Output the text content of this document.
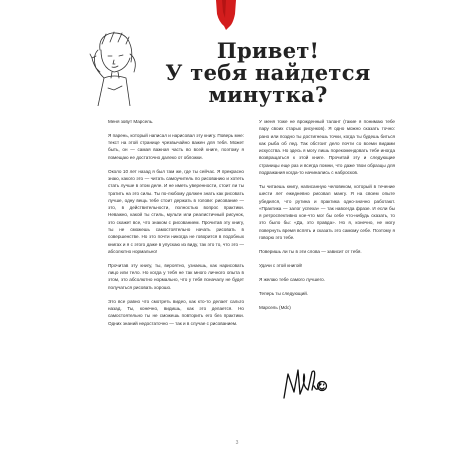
Привет!
У тебя найдется
минутка?

Меня зовут Марсель.

Я парень, который написал и нарисовал эту книгу. Поверь мне: текст на этой странице чрезвычайно важен для тебя. Может быть, он — самая важная часть во всей книге, поэтому я помещаю ее достаточно далеко от обложки.

Около 10 лет назад я был там же, где ты сейчас. Я прекрасно знаю, какого это — читать самоучитель по рисованию и хотеть стать лучше в этом деле. И не иметь уверенности, стоит ли ты тратить на это силы. Ты по-любому должен знать как рисовать лучше, одну вещь тебе стоит держать в голове: рисование — это, в действительности, полностью вопрос практики. Неважно, какой ты стиль, мульти или реалистичный рисунок, это скажет все, что знаком с рисованием. Прочитав эту книгу, ты не сможешь самостоятельно начать рисовать в совершенстве. Но это почти никогда не говорится в подобных книгах и я с этого даже в упускаю из виду, так это то, что это — абсолютно нормально!

Прочитав эту книгу, ты, вероятно, узнаешь, как нарисовать лицо или тело. Но когда у тебя не так много личного опыта в этом, это абсолютно нормально, что у тебя поначалу не будет получаться рисовать хорошо.

Это все равно что смотреть видео, как кто-то делает сальто назад. Ты, конечно, видишь, как это делается. Но самостоятельно ты не сможешь повторить его без практики. Одних знаний недостаточно — так и в случае с рисованием.

У меня тоже не врожденный талант (такие я понимаю тебе пару своих старых рисунков). Я одно можно сказать точно: рано или поздно ты достигнешь точки, когда ты будешь биться как рыба об лед. Так обстоит дело почти со всеми видами искусства. Но здесь я могу лишь порекомендовать тебе иногда возвращаться к этой книге. Прочитай эту и следующие страницы еще раз и всегда помни, что даже твои образцы для подражания когда-то начинались с набросков.

Ты читаешь книгу, написанную человеком, который в течение шести лет ежедневно рисовал мангу. Я на своем опыте убедился, что рутина и практика одно-значно работают. «Практика — залог успеха» — так навсегда фразе. И если бы я ретроспективно кое-что мог бы себе что-нибудь сказать, то это было бы: «Да, это правда». Но я, конечно, не могу повернуть время вспять и сказать это самому себе. Поэтому я говорю это тебе.

Поверишь ли ты в эти слова — зависит от тебя.

Удачи с этой книгой!

Я желаю тебе самого лучшего.

Теперь ты следующий.

Марсель (Mdc)

3
